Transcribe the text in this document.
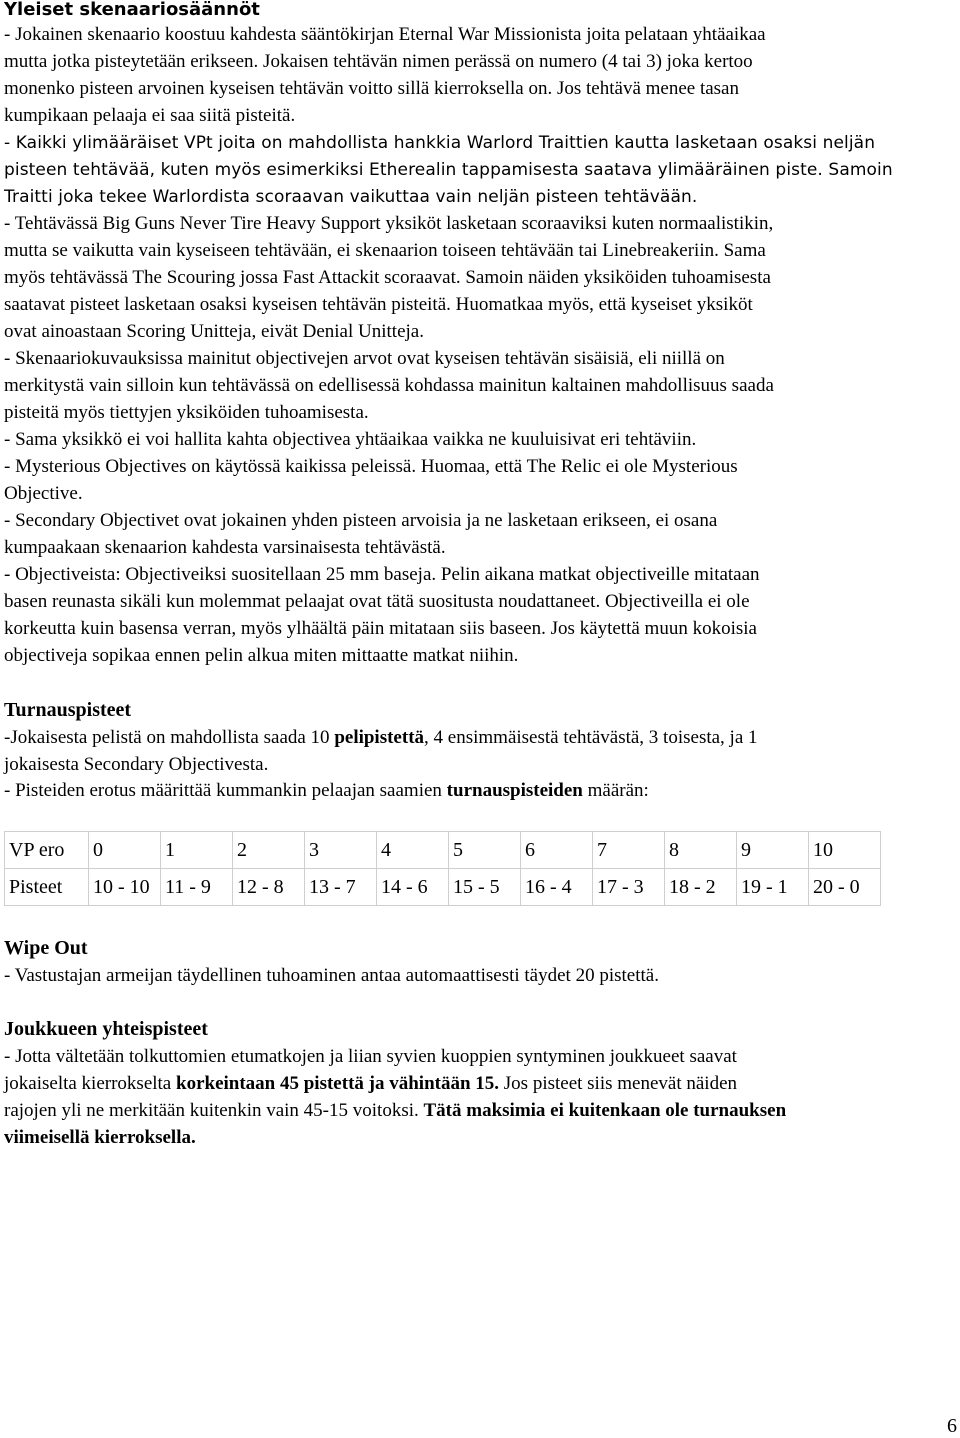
Yleiset skenaariosäännöt
- Jokainen skenaario koostuu kahdesta sääntökirjan Eternal War Missionista joita pelataan yhtäaikaa
mutta jotka pisteytetään erikseen. Jokaisen tehtävän nimen perässä on numero (4 tai 3) joka kertoo
monenko pisteen arvoinen kyseisen tehtävän voitto sillä kierroksella on. Jos tehtävä menee tasan
kumpikaan pelaaja ei saa siitä pisteitä.
- Kaikki ylimääräiset VPt joita on mahdollista hankkia Warlord Traittien kautta lasketaan osaksi neljän
pisteen tehtävää, kuten myös esimerkiksi Etherealin tappamisesta saatava ylimääräinen piste. Samoin
Traitti joka tekee Warlordista scoraavan vaikuttaa vain neljän pisteen tehtävään.
- Tehtävässä Big Guns Never Tire Heavy Support yksiköt lasketaan scoraaviksi kuten normaalistikin,
mutta se vaikutta vain kyseiseen tehtävään, ei skenaarion toiseen tehtävään tai Linebreakeriin. Sama
myös tehtävässä The Scouring jossa Fast Attackit scoraavat. Samoin näiden yksiköiden tuhoamisesta
saatavat pisteet lasketaan osaksi kyseisen tehtävän pisteitä. Huomatkaa myös, että kyseiset yksiköt
ovat ainoastaan Scoring Unitteja, eivät Denial Unitteja.
- Skenaariokuvauksissa mainitut objectivejen arvot ovat kyseisen tehtävän sisäisiä, eli niillä on
merkitystä vain silloin kun tehtävässä on edellisessä kohdassa mainitun kaltainen mahdollisuus saada
pisteitä myös tiettyjen yksiköiden tuhoamisesta.
- Sama yksikkö ei voi hallita kahta objectivea yhtäaikaa vaikka ne kuuluisivat eri tehtäviin.
- Mysterious Objectives on käytössä kaikissa peleissä. Huomaa, että The Relic ei ole Mysterious
Objective.
- Secondary Objectivet ovat jokainen yhden pisteen arvoisia ja ne lasketaan erikseen, ei osana
kumpaakaan skenaarion kahdesta varsinaisesta tehtävästä.
- Objectiveista: Objectiveiksi suositellaan 25 mm baseja. Pelin aikana matkat objectiveille mitataan
basen reunasta sikäli kun molemmat pelaajat ovat tätä suositusta noudattaneet. Objectiveilla ei ole
korkeutta kuin basensa verran, myös ylhäältä päin mitataan siis baseen. Jos käytettä muun kokoisia
objectiveja sopikaa ennen pelin alkua miten mittaatte matkat niihin.
Turnauspisteet
-Jokaisesta pelistä on mahdollista saada 10 pelipistettä, 4 ensimmäisestä tehtävästä, 3 toisesta, ja 1
jokaisesta Secondary Objectivesta.
- Pisteiden erotus määrittää kummankin pelaajan saamien turnauspisteiden määrän:
VP ero	0	1	2	3	4	5	6	7	8	9	10
Pisteet	10 - 10	11 - 9	12 - 8	13 - 7	14 - 6	15 - 5	16 - 4	17 - 3	18 - 2	19 - 1	20 - 0
Wipe Out
- Vastustajan armeijan täydellinen tuhoaminen antaa automaattisesti täydet 20 pistettä.
Joukkueen yhteispisteet
- Jotta vältetään tolkuttomien etumatkojen ja liian syvien kuoppien syntyminen joukkueet saavat
jokaiselta kierrokselta korkeintaan 45 pistettä ja vähintään 15. Jos pisteet siis menevät näiden
rajojen yli ne merkitään kuitenkin vain 45-15 voitoksi. Tätä maksimia ei kuitenkaan ole turnauksen
viimeisellä kierroksella.
6
